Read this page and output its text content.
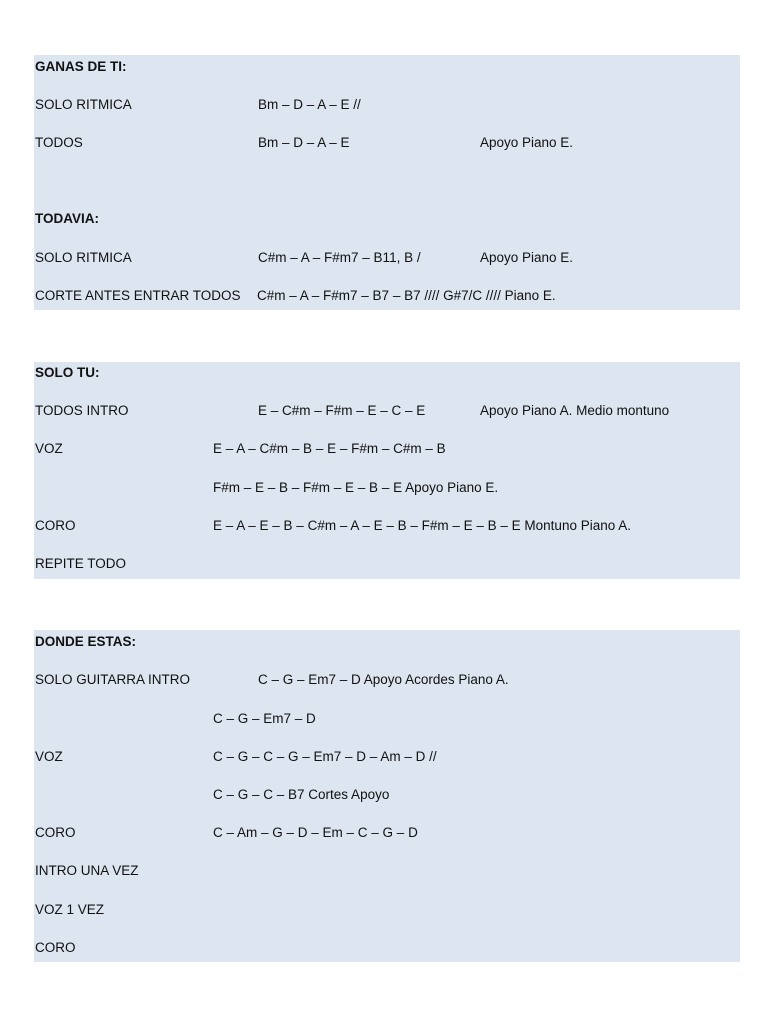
GANAS DE TI:
SOLO RITMICA	Bm – D – A – E //
TODOS	Bm – D – A – E	Apoyo Piano E.
TODAVIA:
SOLO RITMICA	C#m – A – F#m7 – B11, B /	Apoyo Piano E.
CORTE ANTES ENTRAR TODOS C#m – A – F#m7 – B7 – B7 //// G#7/C //// Piano E.
SOLO TU:
TODOS INTRO	E – C#m – F#m – E – C – E	Apoyo Piano A. Medio montuno
VOZ	E – A – C#m – B – E – F#m – C#m – B
F#m – E – B – F#m – E – B – E Apoyo Piano E.
CORO	E – A – E – B – C#m – A – E – B – F#m – E – B – E Montuno Piano A.
REPITE TODO
DONDE ESTAS:
SOLO GUITARRA INTRO	C – G – Em7 – D Apoyo Acordes Piano A.
C – G – Em7 – D
VOZ	C – G – C – G – Em7 – D – Am – D //
C – G – C – B7 Cortes Apoyo
CORO	C – Am – G – D – Em – C – G – D
INTRO UNA VEZ
VOZ 1 VEZ
CORO
